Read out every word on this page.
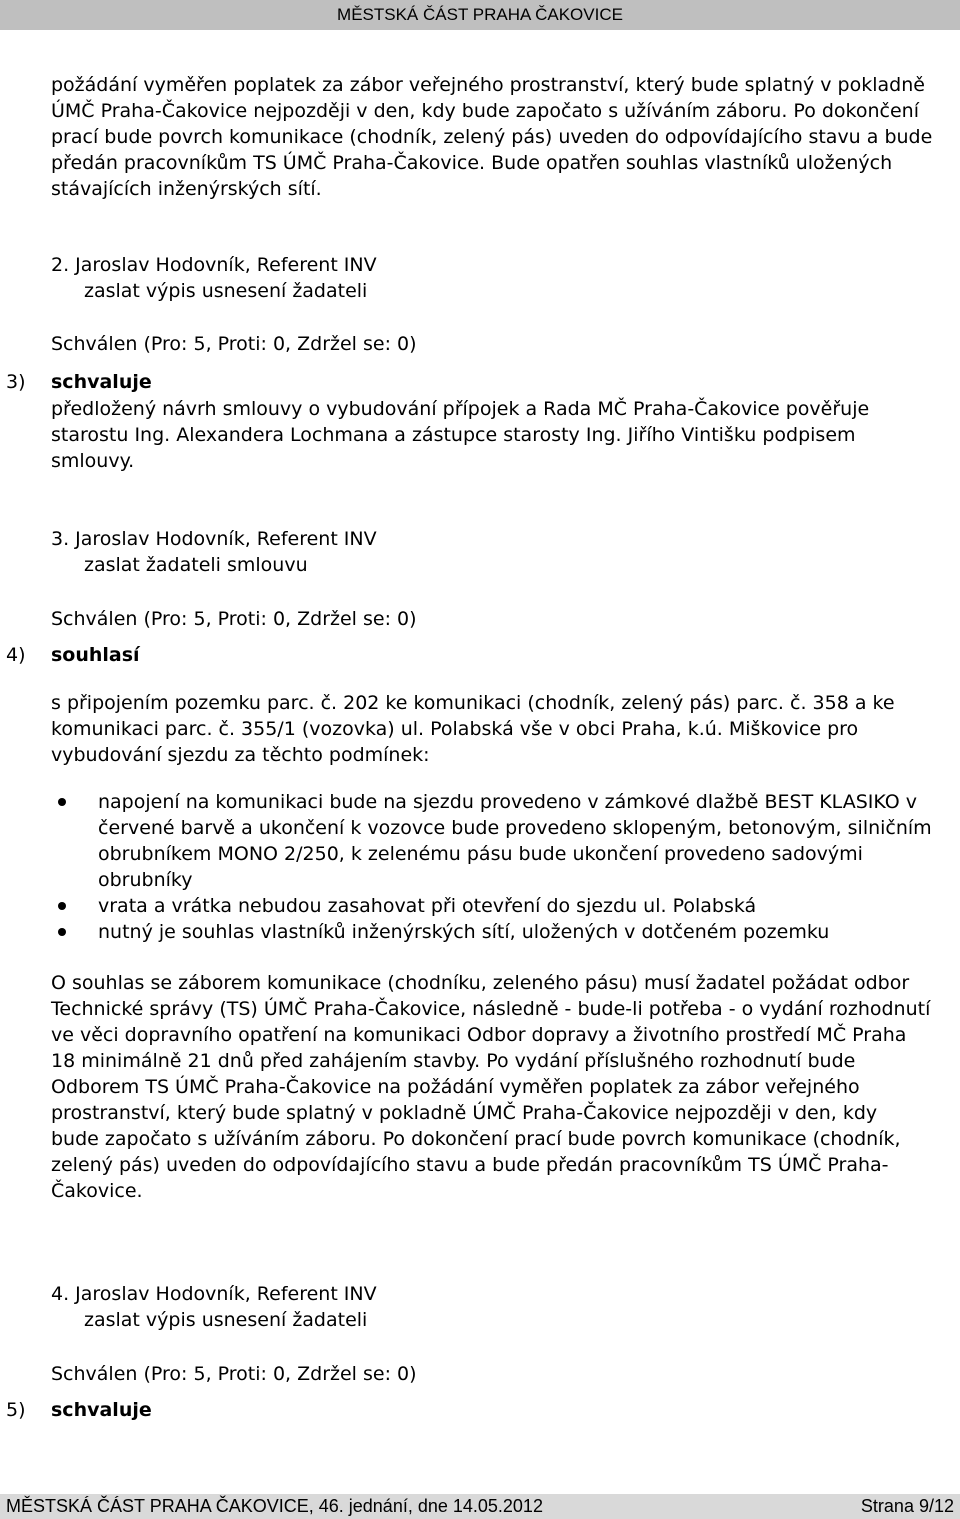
MĚSTSKÁ ČÁST PRAHA ČAKOVICE

požádání vyměřen poplatek za zábor veřejného prostranství, který bude splatný v pokladně ÚMČ Praha-Čakovice nejpozději v den, kdy bude započato s užíváním záboru. Po dokončení prací bude povrch komunikace (chodník, zelený pás) uveden do odpovídajícího stavu a bude předán pracovníkům TS ÚMČ Praha-Čakovice. Bude opatřen souhlas vlastníků uložených stávajících inženýrských sítí.

2. Jaroslav Hodovník, Referent INV
zaslat výpis usnesení žadateli
Schválen (Pro: 5, Proti: 0, Zdržel se: 0)
3) schvaluje

předložený návrh smlouvy o vybudování přípojek a Rada MČ Praha-Čakovice pověřuje starostu Ing. Alexandera Lochmana a zástupce starosty Ing. Jiřího Vintišku podpisem smlouvy.

3. Jaroslav Hodovník, Referent INV
zaslat žadateli smlouvu
Schválen (Pro: 5, Proti: 0, Zdržel se: 0)
4) souhlasí

s připojením pozemku parc. č. 202 ke komunikaci (chodník, zelený pás) parc. č. 358 a ke komunikaci parc. č. 355/1 (vozovka) ul. Polabská vše v obci Praha, k.ú. Miškovice pro vybudování sjezdu za těchto podmínek:

napojení na komunikaci bude na sjezdu provedeno v zámkové dlažbě BEST KLASIKO v červené barvě a ukončení k vozovce bude provedeno sklopeným, betonovým, silničním obrubníkem MONO 2/250, k zelenému pásu bude ukončení provedeno sadovými obrubníky
vrata a vrátka nebudou zasahovat při otevření do sjezdu ul. Polabská
nutný je souhlas vlastníků inženýrských sítí, uložených v dotčeném pozemku

O souhlas se záborem komunikace (chodníku, zeleného pásu) musí žadatel požádat odbor Technické správy (TS) ÚMČ Praha-Čakovice, následně - bude-li potřeba - o vydání rozhodnutí ve věci dopravního opatření na komunikaci Odbor dopravy a životního prostředí MČ Praha 18 minimálně 21 dnů před zahájením stavby. Po vydání příslušného rozhodnutí bude Odborem TS ÚMČ Praha-Čakovice na požádání vyměřen poplatek za zábor veřejného prostranství, který bude splatný v pokladně ÚMČ Praha-Čakovice nejpozději v den, kdy bude započato s užíváním záboru. Po dokončení prací bude povrch komunikace (chodník, zelený pás) uveden do odpovídajícího stavu a bude předán pracovníkům TS ÚMČ Praha-Čakovice.

4. Jaroslav Hodovník, Referent INV
zaslat výpis usnesení žadateli
Schválen (Pro: 5, Proti: 0, Zdržel se: 0)
5) schvaluje
MĚSTSKÁ ČÁST PRAHA ČAKOVICE, 46. jednání, dne 14.05.2012	Strana 9/12
